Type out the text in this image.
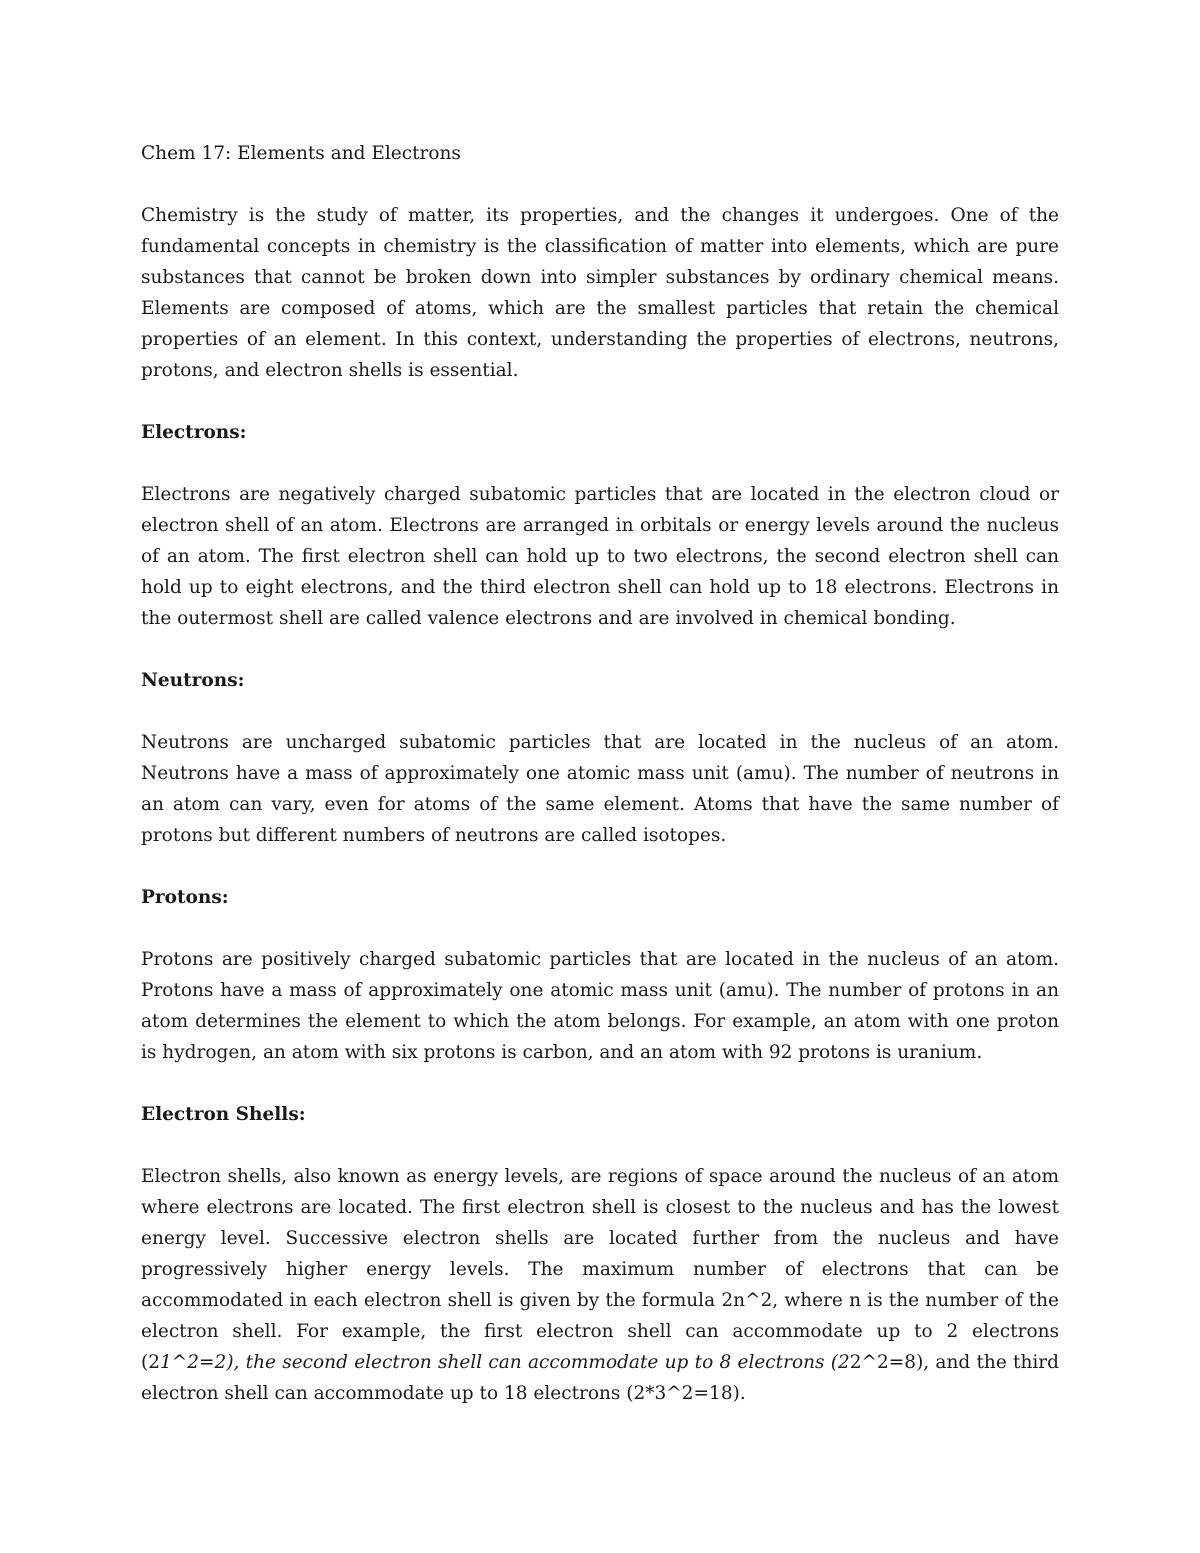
Chem 17: Elements and Electrons

Chemistry is the study of matter, its properties, and the changes it undergoes. One of the fundamental concepts in chemistry is the classification of matter into elements, which are pure substances that cannot be broken down into simpler substances by ordinary chemical means. Elements are composed of atoms, which are the smallest particles that retain the chemical properties of an element. In this context, understanding the properties of electrons, neutrons, protons, and electron shells is essential.

Electrons:

Electrons are negatively charged subatomic particles that are located in the electron cloud or electron shell of an atom. Electrons are arranged in orbitals or energy levels around the nucleus of an atom. The first electron shell can hold up to two electrons, the second electron shell can hold up to eight electrons, and the third electron shell can hold up to 18 electrons. Electrons in the outermost shell are called valence electrons and are involved in chemical bonding.

Neutrons:

Neutrons are uncharged subatomic particles that are located in the nucleus of an atom. Neutrons have a mass of approximately one atomic mass unit (amu). The number of neutrons in an atom can vary, even for atoms of the same element. Atoms that have the same number of protons but different numbers of neutrons are called isotopes.

Protons:

Protons are positively charged subatomic particles that are located in the nucleus of an atom. Protons have a mass of approximately one atomic mass unit (amu). The number of protons in an atom determines the element to which the atom belongs. For example, an atom with one proton is hydrogen, an atom with six protons is carbon, and an atom with 92 protons is uranium.

Electron Shells:

Electron shells, also known as energy levels, are regions of space around the nucleus of an atom where electrons are located. The first electron shell is closest to the nucleus and has the lowest energy level. Successive electron shells are located further from the nucleus and have progressively higher energy levels. The maximum number of electrons that can be accommodated in each electron shell is given by the formula 2n^2, where n is the number of the electron shell. For example, the first electron shell can accommodate up to 2 electrons (21^2=2), the second electron shell can accommodate up to 8 electrons (22^2=8), and the third electron shell can accommodate up to 18 electrons (2*3^2=18).
